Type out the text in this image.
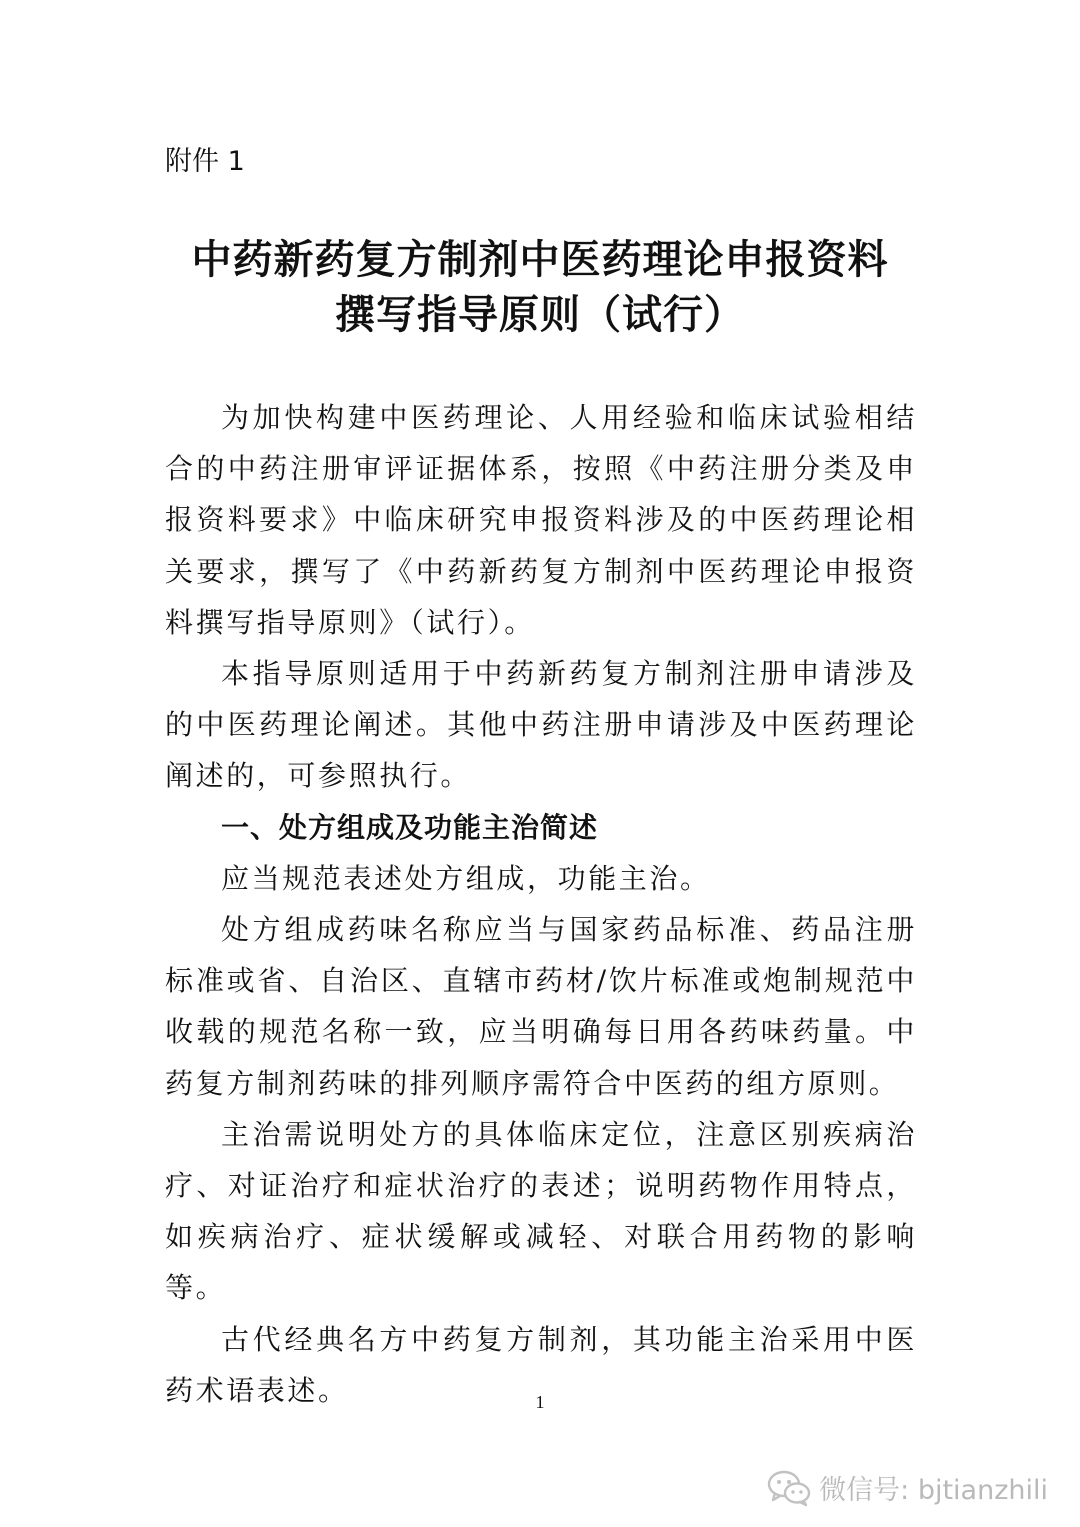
附件 1
中药新药复方制剂中医药理论申报资料
撰写指导原则（试行）

为加快构建中医药理论、人用经验和临床试验相结合的中药注册审评证据体系，按照《中药注册分类及申报资料要求》中临床研究申报资料涉及的中医药理论相关要求，撰写了《中药新药复方制剂中医药理论申报资料撰写指导原则》（试行）。

本指导原则适用于中药新药复方制剂注册申请涉及的中医药理论阐述。其他中药注册申请涉及中医药理论阐述的，可参照执行。

一、处方组成及功能主治简述

应当规范表述处方组成，功能主治。

处方组成药味名称应当与国家药品标准、药品注册标准或省、自治区、直辖市药材/饮片标准或炮制规范中收载的规范名称一致，应当明确每日用各药味药量。中药复方制剂药味的排列顺序需符合中医药的组方原则。

主治需说明处方的具体临床定位，注意区别疾病治疗、对证治疗和症状治疗的表述；说明药物作用特点，如疾病治疗、症状缓解或减轻、对联合用药物的影响等。

古代经典名方中药复方制剂，其功能主治采用中医药术语表述。	1
微信号: bjtianzhili
